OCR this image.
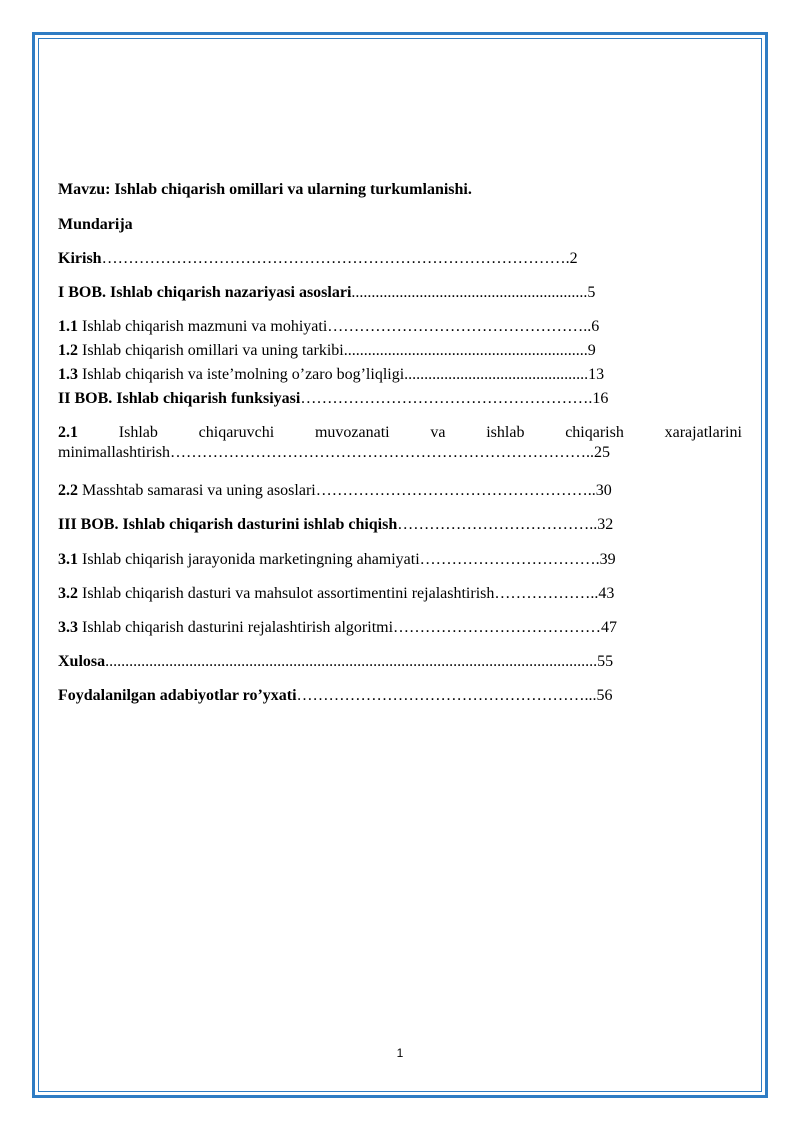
Mavzu: Ishlab chiqarish omillari va ularning turkumlanishi.
Mundarija
Kirish…………………………………………………………………………….2
I BOB. Ishlab chiqarish nazariyasi asoslari...........................................................5
1.1 Ishlab chiqarish mazmuni va mohiyati…………………………………………..6
1.2 Ishlab chiqarish omillari va uning tarkibi.............................................................9
1.3 Ishlab chiqarish va iste’molning o’zaro bog’liqligi..............................................13
II BOB. Ishlab chiqarish funksiyasi……………………………………………….16
2.1	Ishlab	chiqaruvchi	muvozanati	va	ishlab	chiqarish	xarajatlarini
minimallashtirish……………………………………………………………………..25
2.2 Masshtab samarasi va uning asoslari……………………………………………..30
III BOB. Ishlab chiqarish dasturini ishlab chiqish………………………………..32
3.1 Ishlab chiqarish jarayonida marketingning ahamiyati…………………………….39
3.2 Ishlab chiqarish dasturi va mahsulot assortimentini rejalashtirish………………..43
3.3 Ishlab chiqarish dasturini rejalashtirish algoritmi…………………………………47
Xulosa...........................................................................................................................55
Foydalanilgan adabiyotlar ro’yxati………………………………………………...56
1
